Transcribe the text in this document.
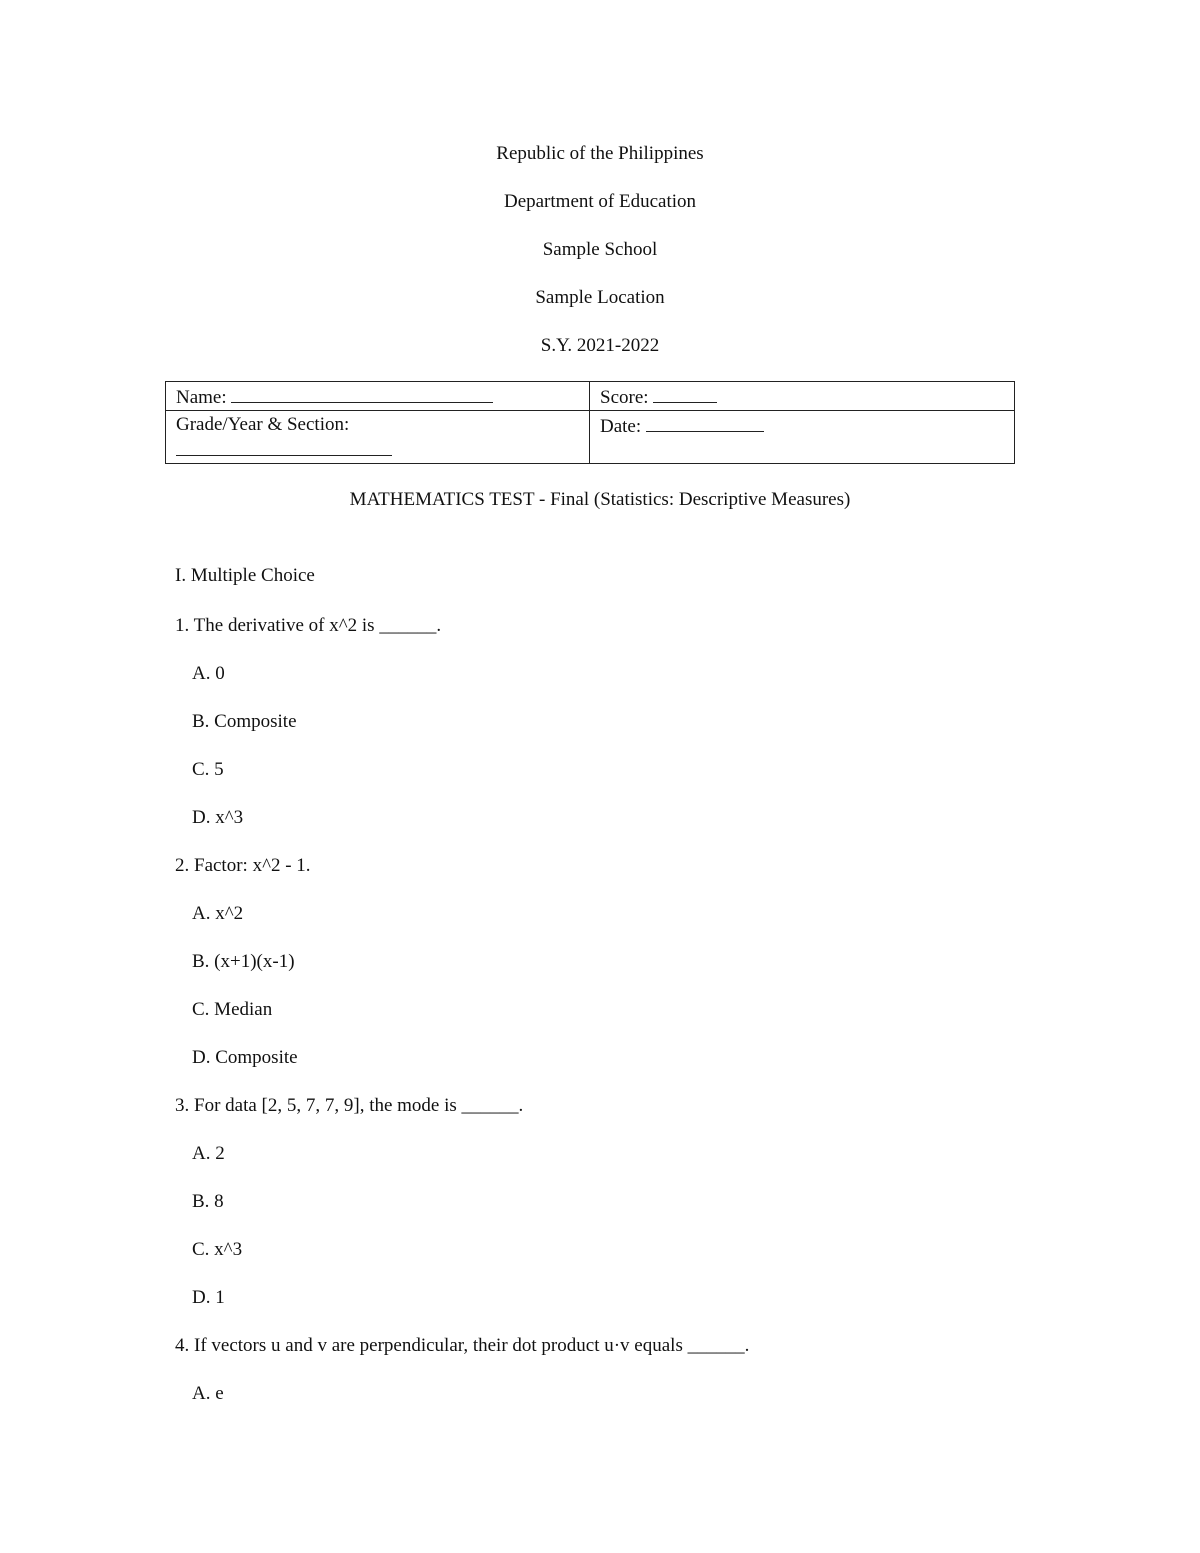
Republic of the Philippines
Department of Education
Sample School
Sample Location
S.Y. 2021-2022
Name:	Score:

Grade/Year & Section:	Date:
MATHEMATICS TEST - Final (Statistics: Descriptive Measures)
I. Multiple Choice
1. The derivative of x^2 is ______.
A. 0
B. Composite
C. 5
D. x^3
2. Factor: x^2 - 1.
A. x^2
B. (x+1)(x-1)
C. Median
D. Composite
3. For data [2, 5, 7, 7, 9], the mode is ______.
A. 2
B. 8
C. x^3
D. 1
4. If vectors u and v are perpendicular, their dot product u·v equals ______.
A. e
